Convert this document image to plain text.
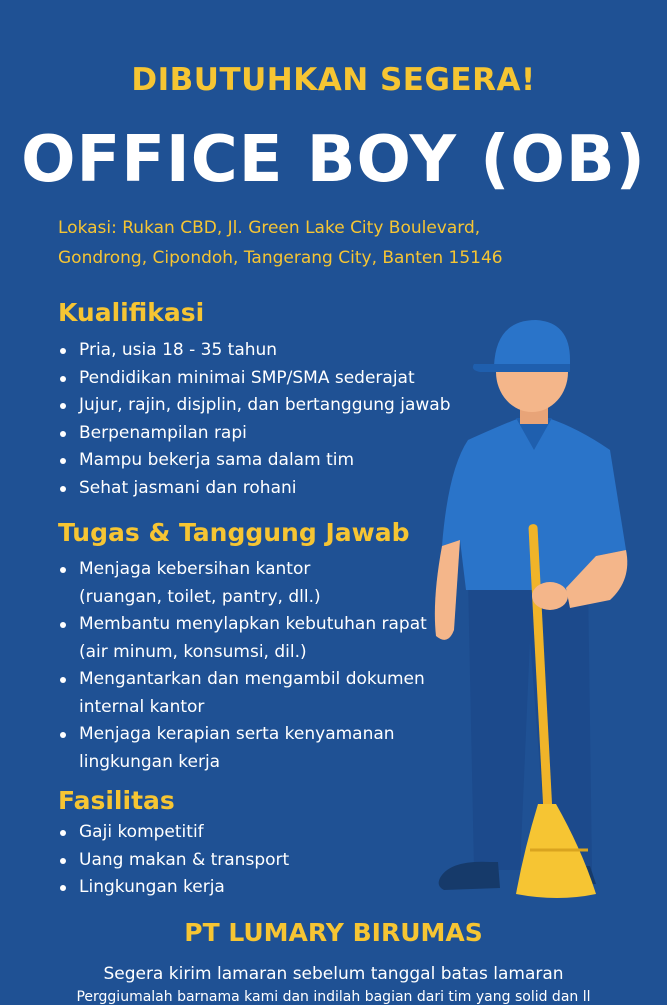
DIBUTUHKAN SEGERA!
OFFICE BOY (OB)
Lokasi: Rukan CBD, Jl. Green Lake City Boulevard,
Gondrong, Cipondoh, Tangerang City, Banten 15146
Kualifikasi
Pria, usia 18 - 35 tahun
Pendidikan minimai SMP/SMA sederajat
Jujur, rajin, disjplin, dan bertanggung jawab
Berpenampilan rapi
Mampu bekerja sama dalam tim
Sehat jasmani dan rohani
Tugas & Tanggung Jawab
Menjaga kebersihan kantor
(ruangan, toilet, pantry, dll.)
Membantu menylapkan kebutuhan rapat
(air minum, konsumsi, dil.)
Mengantarkan dan mengambil dokumen
internal kantor
Menjaga kerapian serta kenyamanan
lingkungan kerja
Fasilitas
Gaji kompetitif
Uang makan & transport
Lingkungan kerja
PT LUMARY BIRUMAS
Segera kirim lamaran sebelum tanggal batas lamaran
Perggiumalah barnama kami dan indilah bagian dari tim yang solid dan ll
